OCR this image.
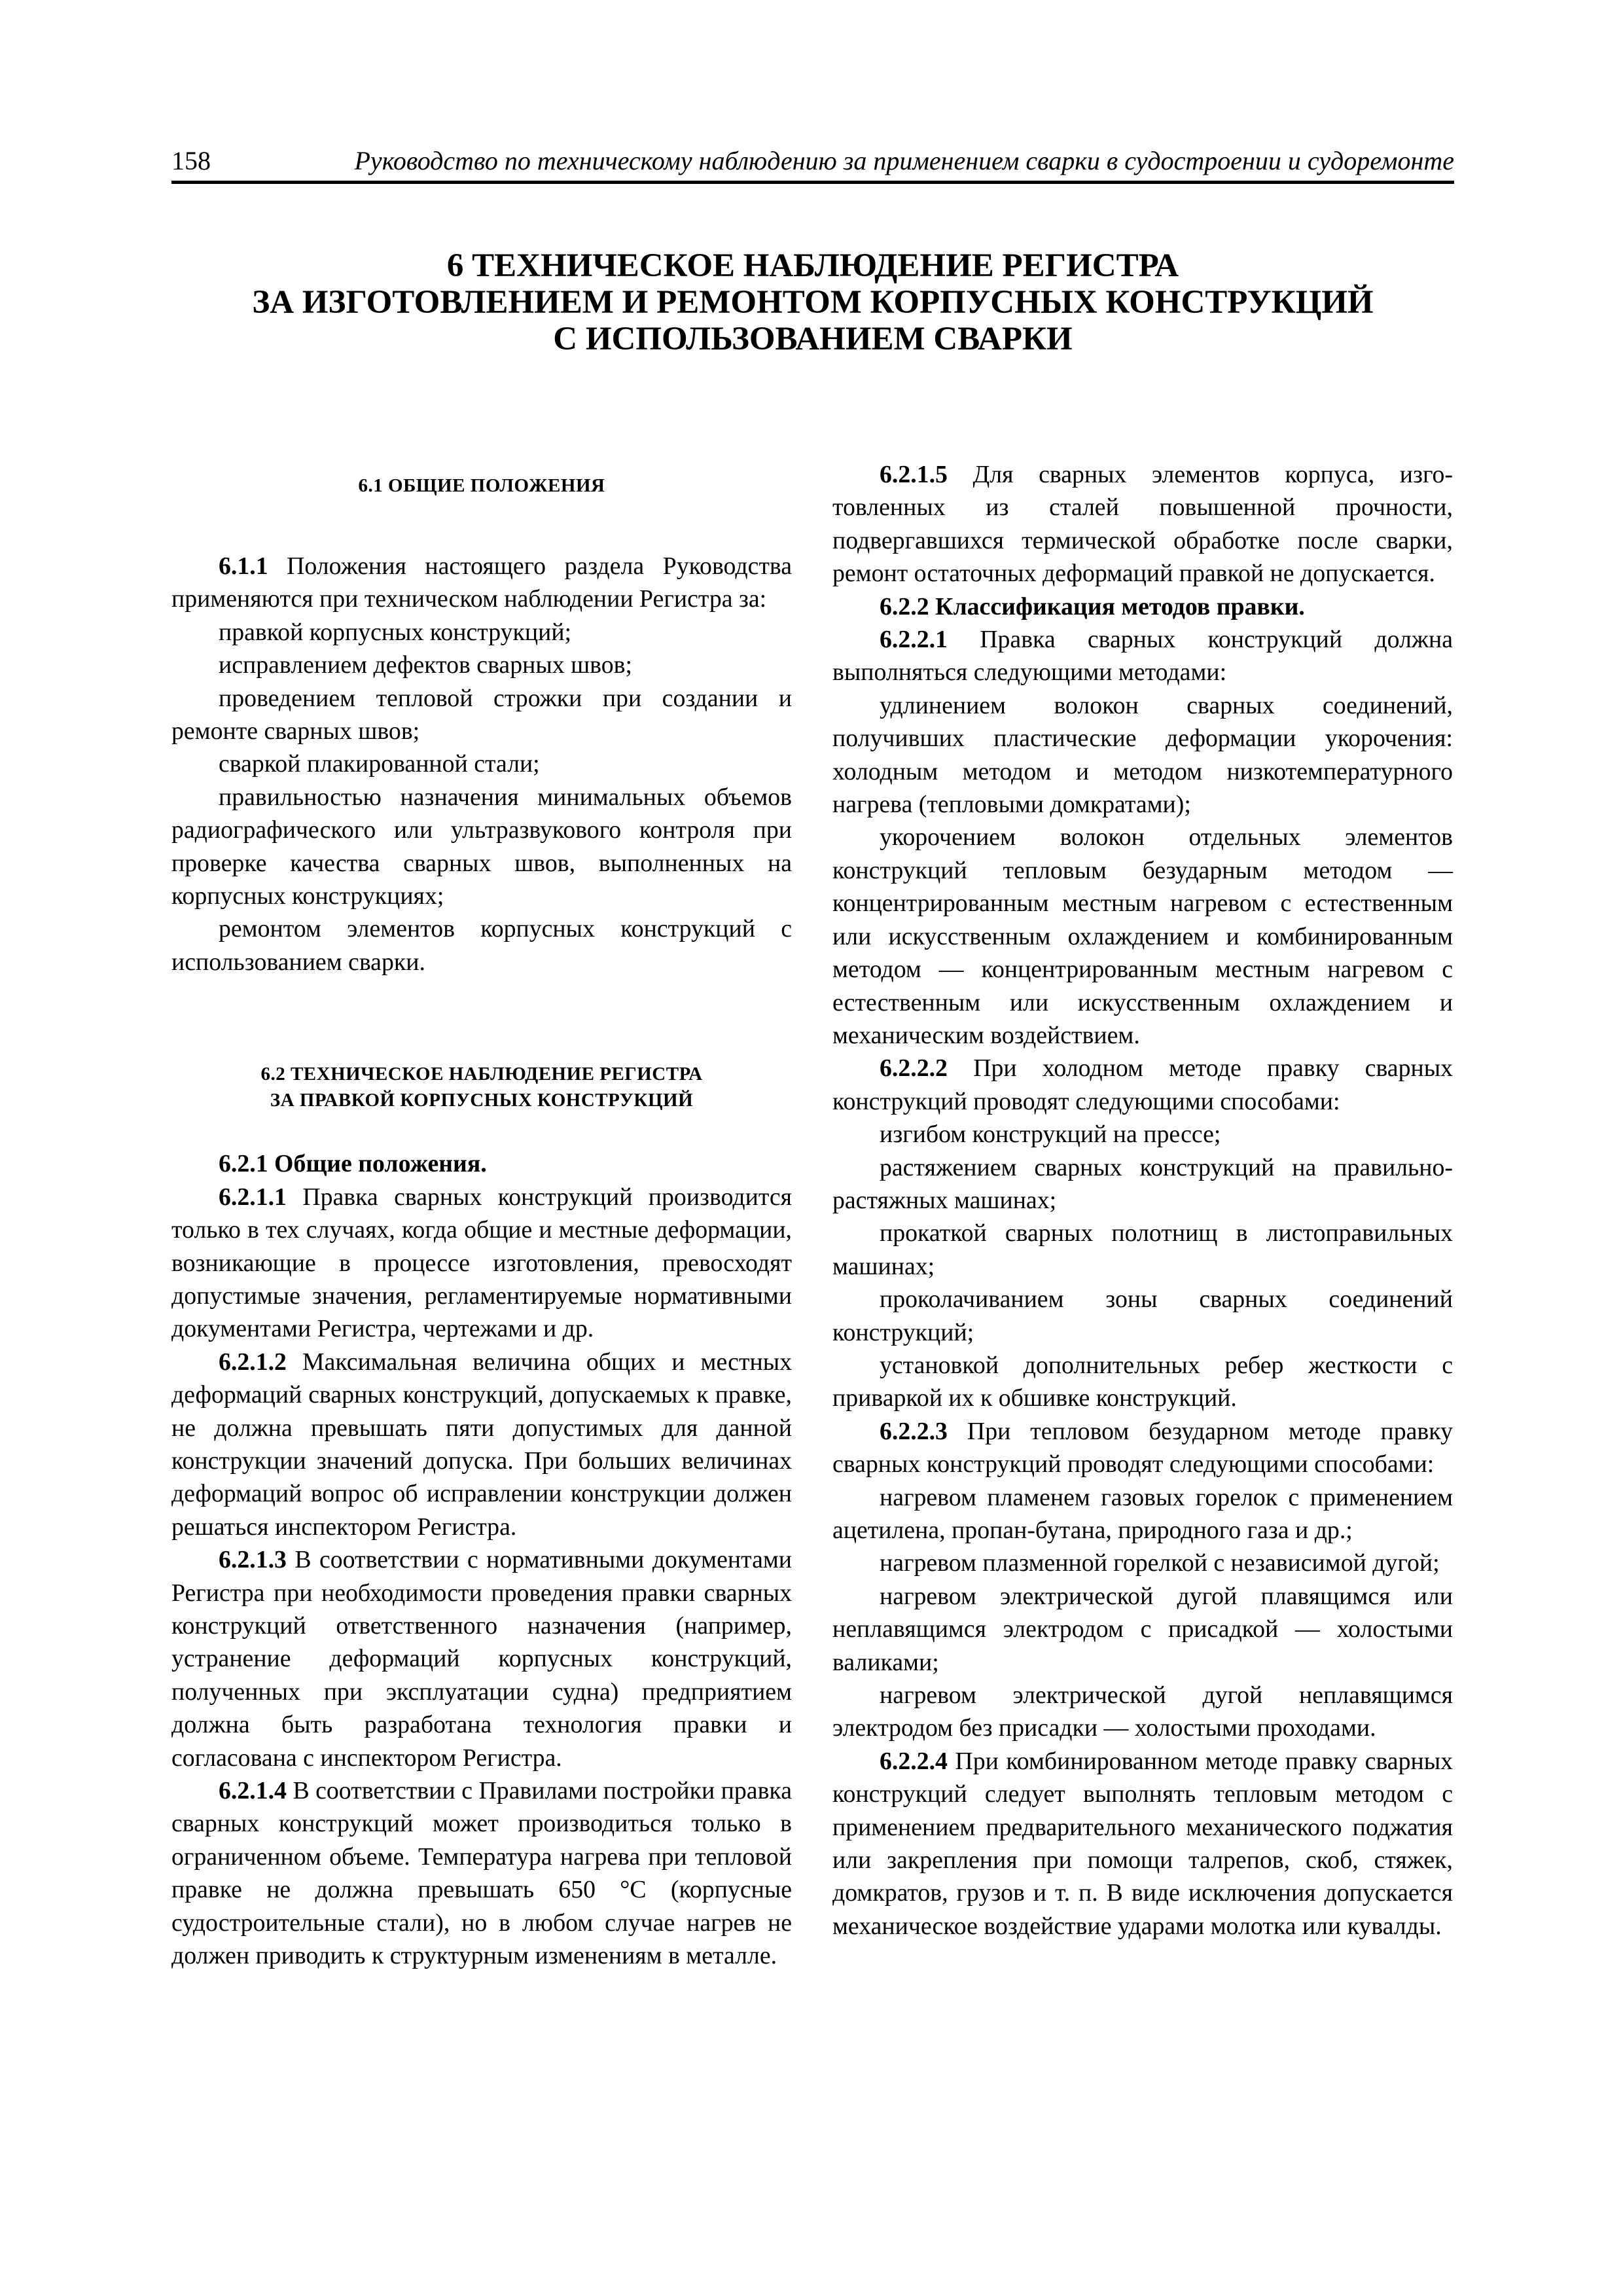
158	Руководство по техническому наблюдению за применением сварки в судостроении и судоремонте
6 ТЕХНИЧЕСКОЕ НАБЛЮДЕНИЕ РЕГИСТРА
ЗА ИЗГОТОВЛЕНИЕМ И РЕМОНТОМ КОРПУСНЫХ КОНСТРУКЦИЙ
С ИСПОЛЬЗОВАНИЕМ СВАРКИ
6.1 ОБЩИЕ ПОЛОЖЕНИЯ

6.1.1 Положения настоящего раздела Руководства применяются при техническом наблюдении Регистра за:

правкой корпусных конструкций;

исправлением дефектов сварных швов;

проведением тепловой строжки при создании и ремонте сварных швов;

сваркой плакированной стали;

правильностью назначения минимальных объемов радиографического или ультразвукового контроля при проверке качества сварных швов, выполненных на корпусных конструкциях;

ремонтом элементов корпусных конструкций с использованием сварки.

6.2 ТЕХНИЧЕСКОЕ НАБЛЮДЕНИЕ РЕГИСТРА
ЗА ПРАВКОЙ КОРПУСНЫХ КОНСТРУКЦИЙ

6.2.1 Общие положения.

6.2.1.1 Правка сварных конструкций производится только в тех случаях, когда общие и местные деформации, возникающие в процессе изготовления, превосходят допустимые значения, регламентируемые нормативными документами Регистра, чертежами и др.

6.2.1.2 Максимальная величина общих и местных деформаций сварных конструкций, допускаемых к правке, не должна превышать пяти допустимых для данной конструкции значений допуска. При больших величинах деформаций вопрос об исправлении конструкции должен решаться инспектором Регистра.

6.2.1.3 В соответствии с нормативными документами Регистра при необходимости проведения правки сварных конструкций ответственного назначения (например, устранение деформаций корпусных конструкций, полученных при эксплуатации судна) предприятием должна быть разработана технология правки и согласована с инспектором Регистра.

6.2.1.4 В соответствии с Правилами постройки правка сварных конструкций может производиться только в ограниченном объеме. Температура нагрева при тепловой правке не должна превышать 650 °С (корпусные судостроительные стали), но в любом случае нагрев не должен приводить к структурным изменениям в металле.

6.2.1.5 Для сварных элементов корпуса, изготовленных из сталей повышенной прочности, подвергавшихся термической обработке после сварки, ремонт остаточных деформаций правкой не допускается.

6.2.2 Классификация методов правки.

6.2.2.1 Правка сварных конструкций должна выполняться следующими методами:

удлинением волокон сварных соединений, получивших пластические деформации укорочения: холодным методом и методом низкотемпературного нагрева (тепловыми домкратами);

укорочением волокон отдельных элементов конструкций тепловым безударным методом — концентрированным местным нагревом с естественным или искусственным охлаждением и комбинированным методом — концентрированным местным нагревом с естественным или искусственным охлаждением и механическим воздействием.

6.2.2.2 При холодном методе правку сварных конструкций проводят следующими способами:

изгибом конструкций на прессе;

растяжением сварных конструкций на правильно-растяжных машинах;

прокаткой сварных полотнищ в листоправильных машинах;

проколачиванием зоны сварных соединений конструкций;

установкой дополнительных ребер жесткости с приваркой их к обшивке конструкций.

6.2.2.3 При тепловом безударном методе правку сварных конструкций проводят следующими способами:

нагревом пламенем газовых горелок с применением ацетилена, пропан-бутана, природного газа и др.;

нагревом плазменной горелкой с независимой дугой;

нагревом электрической дугой плавящимся или неплавящимся электродом с присадкой — холостыми валиками;

нагревом электрической дугой неплавящимся электродом без присадки — холостыми проходами.

6.2.2.4 При комбинированном методе правку сварных конструкций следует выполнять тепловым методом с применением предварительного механического поджатия или закрепления при помощи талрепов, скоб, стяжек, домкратов, грузов и т. п. В виде исключения допускается механическое воздействие ударами молотка или кувалды.
